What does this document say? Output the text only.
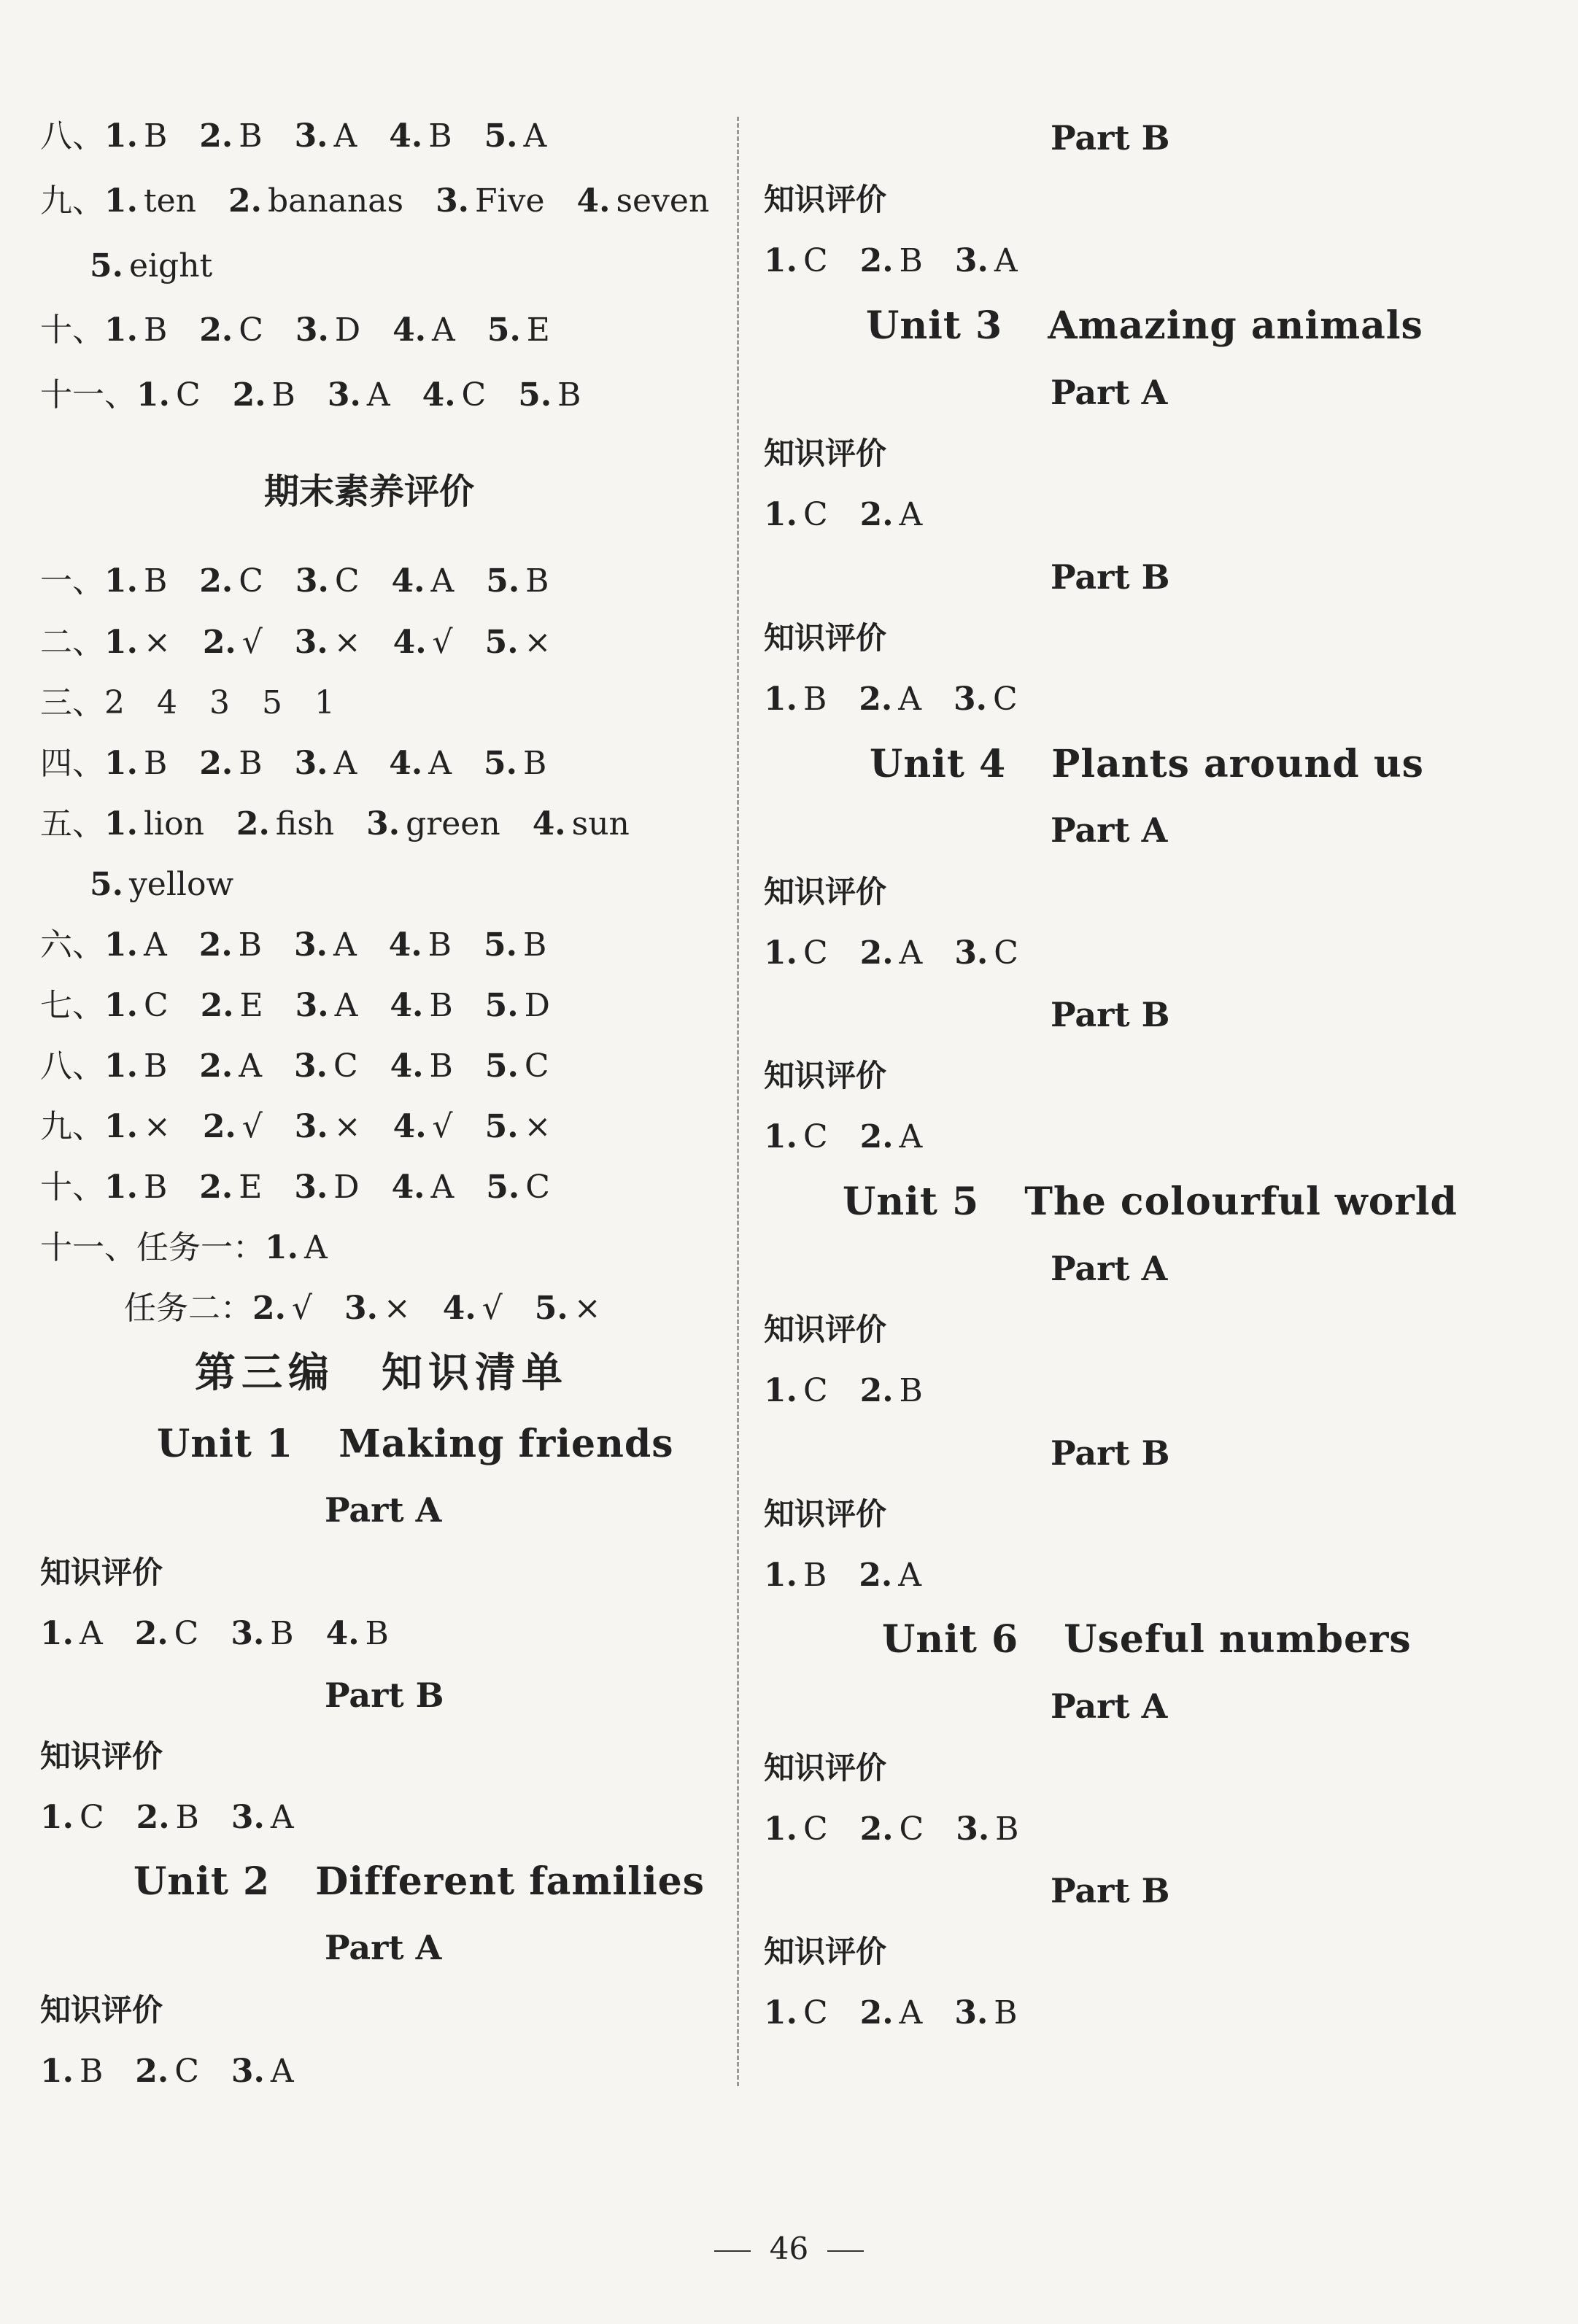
八、1. B 2. B 3. A 4. B 5. A
九、1. ten 2. bananas 3. Five 4. seven
5. eight
十、1. B 2. C 3. D 4. A 5. E
十一、1. C 2. B 3. A 4. C 5. B
期末素养评价
一、1. B 2. C 3. C 4. A 5. B
二、1. × 2. √ 3. × 4. √ 5. ×
三、2 4 3 5 1
四、1. B 2. B 3. A 4. A 5. B
五、1. lion 2. fish 3. green 4. sun
5. yellow
六、1. A 2. B 3. A 4. B 5. B
七、1. C 2. E 3. A 4. B 5. D
八、1. B 2. A 3. C 4. B 5. C
九、1. × 2. √ 3. × 4. √ 5. ×
十、1. B 2. E 3. D 4. A 5. C
十一、任务一：1. A
任务二：2. √ 3. × 4. √ 5. ×
第三编　知识清单
Unit 1 Making friends
Part A
知识评价
1. A 2. C 3. B 4. B
Part B
知识评价
1. C 2. B 3. A
Unit 2 Different families
Part A
知识评价
1. B 2. C 3. A
Part B
知识评价
1. C 2. B 3. A
Unit 3 Amazing animals
Part A
知识评价
1. C 2. A
Part B
知识评价
1. B 2. A 3. C
Unit 4 Plants around us
Part A
知识评价
1. C 2. A 3. C
Part B
知识评价
1. C 2. A
Unit 5 The colourful world
Part A
知识评价
1. C 2. B
Part B
知识评价
1. B 2. A
Unit 6 Useful numbers
Part A
知识评价
1. C 2. C 3. B
Part B
知识评价
1. C 2. A 3. B
46
